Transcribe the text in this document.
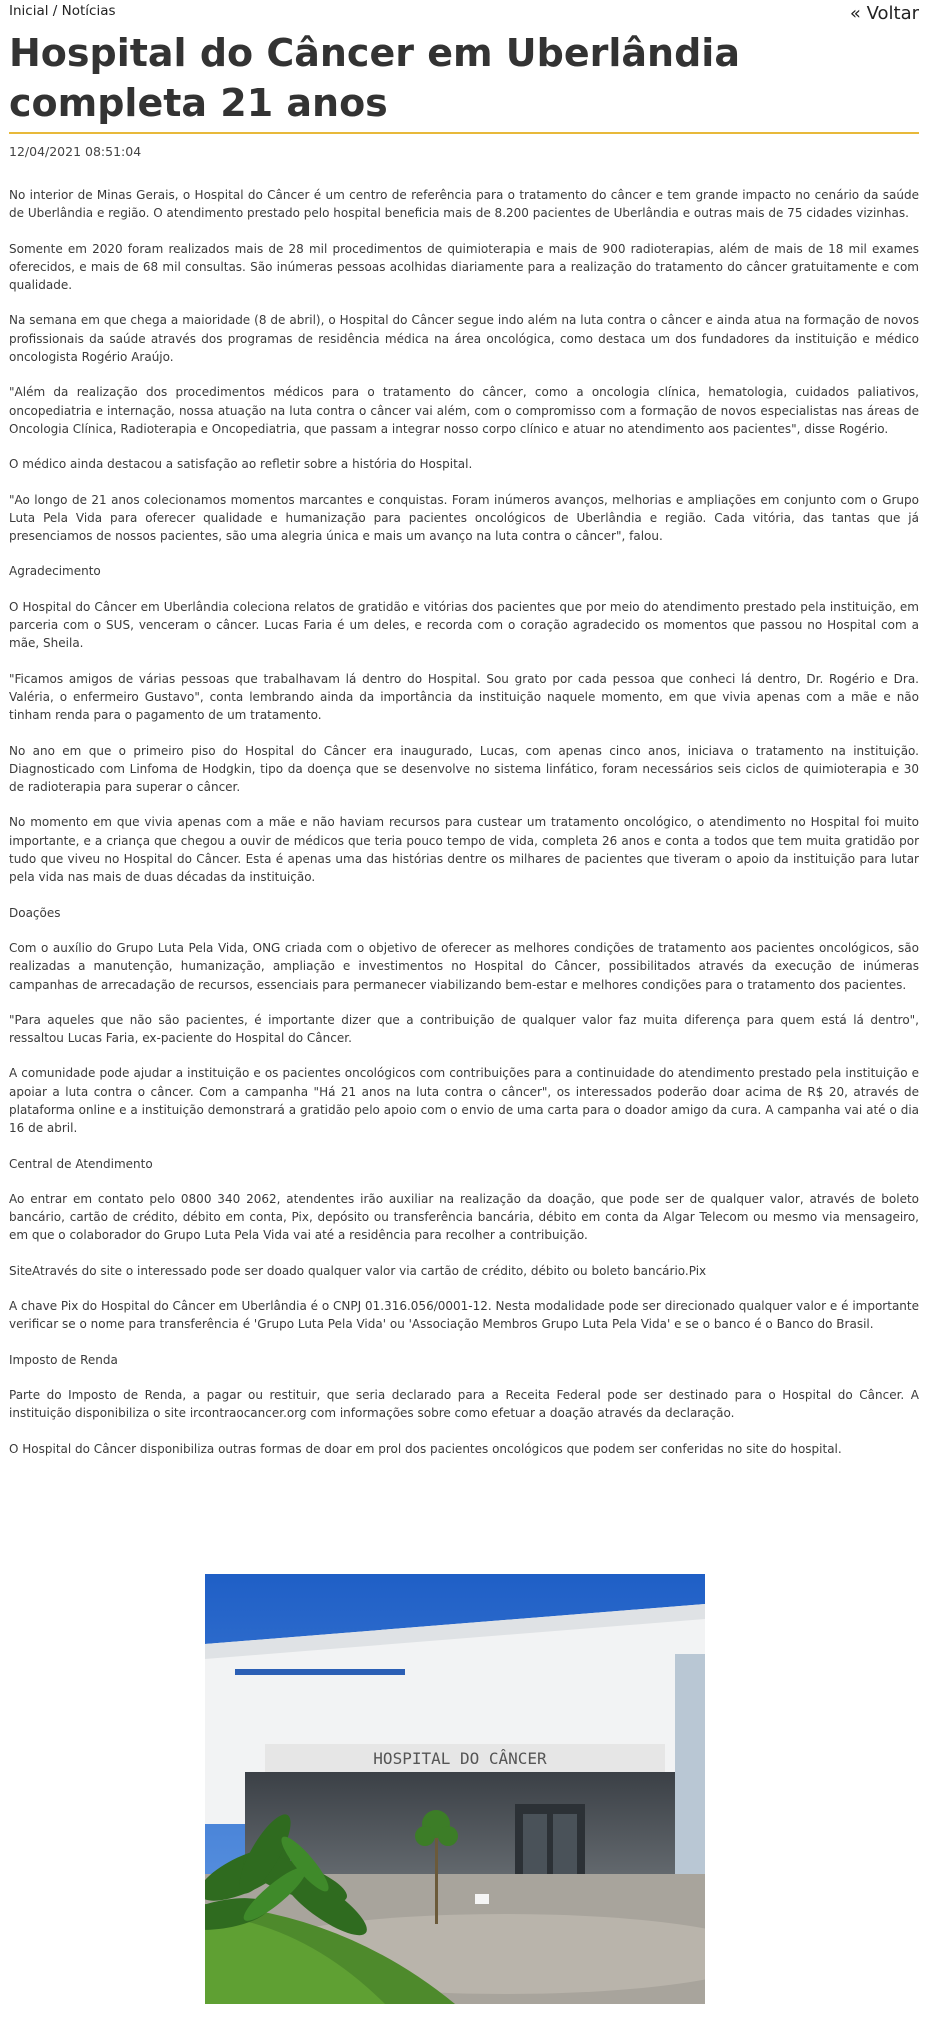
Inicial / Notícias	« Voltar
Hospital do Câncer em Uberlândia completa 21 anos
12/04/2021 08:51:04

No interior de Minas Gerais, o Hospital do Câncer é um centro de referência para o tratamento do câncer e tem grande impacto no cenário da saúde de Uberlândia e região. O atendimento prestado pelo hospital beneficia mais de 8.200 pacientes de Uberlândia e outras mais de 75 cidades vizinhas.

Somente em 2020 foram realizados mais de 28 mil procedimentos de quimioterapia e mais de 900 radioterapias, além de mais de 18 mil exames oferecidos, e mais de 68 mil consultas. São inúmeras pessoas acolhidas diariamente para a realização do tratamento do câncer gratuitamente e com qualidade.

Na semana em que chega a maioridade (8 de abril), o Hospital do Câncer segue indo além na luta contra o câncer e ainda atua na formação de novos profissionais da saúde através dos programas de residência médica na área oncológica, como destaca um dos fundadores da instituição e médico oncologista Rogério Araújo.

"Além da realização dos procedimentos médicos para o tratamento do câncer, como a oncologia clínica, hematologia, cuidados paliativos, oncopediatria e internação, nossa atuação na luta contra o câncer vai além, com o compromisso com a formação de novos especialistas nas áreas de Oncologia Clínica, Radioterapia e Oncopediatria, que passam a integrar nosso corpo clínico e atuar no atendimento aos pacientes", disse Rogério.

O médico ainda destacou a satisfação ao refletir sobre a história do Hospital.

"Ao longo de 21 anos colecionamos momentos marcantes e conquistas. Foram inúmeros avanços, melhorias e ampliações em conjunto com o Grupo Luta Pela Vida para oferecer qualidade e humanização para pacientes oncológicos de Uberlândia e região. Cada vitória, das tantas que já presenciamos de nossos pacientes, são uma alegria única e mais um avanço na luta contra o câncer", falou.

Agradecimento

O Hospital do Câncer em Uberlândia coleciona relatos de gratidão e vitórias dos pacientes que por meio do atendimento prestado pela instituição, em parceria com o SUS, venceram o câncer. Lucas Faria é um deles, e recorda com o coração agradecido os momentos que passou no Hospital com a mãe, Sheila.

"Ficamos amigos de várias pessoas que trabalhavam lá dentro do Hospital. Sou grato por cada pessoa que conheci lá dentro, Dr. Rogério e Dra. Valéria, o enfermeiro Gustavo", conta lembrando ainda da importância da instituição naquele momento, em que vivia apenas com a mãe e não tinham renda para o pagamento de um tratamento.

No ano em que o primeiro piso do Hospital do Câncer era inaugurado, Lucas, com apenas cinco anos, iniciava o tratamento na instituição. Diagnosticado com Linfoma de Hodgkin, tipo da doença que se desenvolve no sistema linfático, foram necessários seis ciclos de quimioterapia e 30 de radioterapia para superar o câncer.

No momento em que vivia apenas com a mãe e não haviam recursos para custear um tratamento oncológico, o atendimento no Hospital foi muito importante, e a criança que chegou a ouvir de médicos que teria pouco tempo de vida, completa 26 anos e conta a todos que tem muita gratidão por tudo que viveu no Hospital do Câncer. Esta é apenas uma das histórias dentre os milhares de pacientes que tiveram o apoio da instituição para lutar pela vida nas mais de duas décadas da instituição.

Doações

Com o auxílio do Grupo Luta Pela Vida, ONG criada com o objetivo de oferecer as melhores condições de tratamento aos pacientes oncológicos, são realizadas a manutenção, humanização, ampliação e investimentos no Hospital do Câncer, possibilitados através da execução de inúmeras campanhas de arrecadação de recursos, essenciais para permanecer viabilizando bem-estar e melhores condições para o tratamento dos pacientes.

"Para aqueles que não são pacientes, é importante dizer que a contribuição de qualquer valor faz muita diferença para quem está lá dentro", ressaltou Lucas Faria, ex-paciente do Hospital do Câncer.

A comunidade pode ajudar a instituição e os pacientes oncológicos com contribuições para a continuidade do atendimento prestado pela instituição e apoiar a luta contra o câncer. Com a campanha "Há 21 anos na luta contra o câncer", os interessados poderão doar acima de R$ 20, através de plataforma online e a instituição demonstrará a gratidão pelo apoio com o envio de uma carta para o doador amigo da cura. A campanha vai até o dia 16 de abril.

Central de Atendimento

Ao entrar em contato pelo 0800 340 2062, atendentes irão auxiliar na realização da doação, que pode ser de qualquer valor, através de boleto bancário, cartão de crédito, débito em conta, Pix, depósito ou transferência bancária, débito em conta da Algar Telecom ou mesmo via mensageiro, em que o colaborador do Grupo Luta Pela Vida vai até a residência para recolher a contribuição.

SiteAtravés do site o interessado pode ser doado qualquer valor via cartão de crédito, débito ou boleto bancário.Pix

A chave Pix do Hospital do Câncer em Uberlândia é o CNPJ 01.316.056/0001-12. Nesta modalidade pode ser direcionado qualquer valor e é importante verificar se o nome para transferência é 'Grupo Luta Pela Vida' ou 'Associação Membros Grupo Luta Pela Vida' e se o banco é o Banco do Brasil.

Imposto de Renda

Parte do Imposto de Renda, a pagar ou restituir, que seria declarado para a Receita Federal pode ser destinado para o Hospital do Câncer. A instituição disponibiliza o site ircontraocancer.org com informações sobre como efetuar a doação através da declaração.

O Hospital do Câncer disponibiliza outras formas de doar em prol dos pacientes oncológicos que podem ser conferidas no site do hospital.

HOSPITAL DO CÂNCER
